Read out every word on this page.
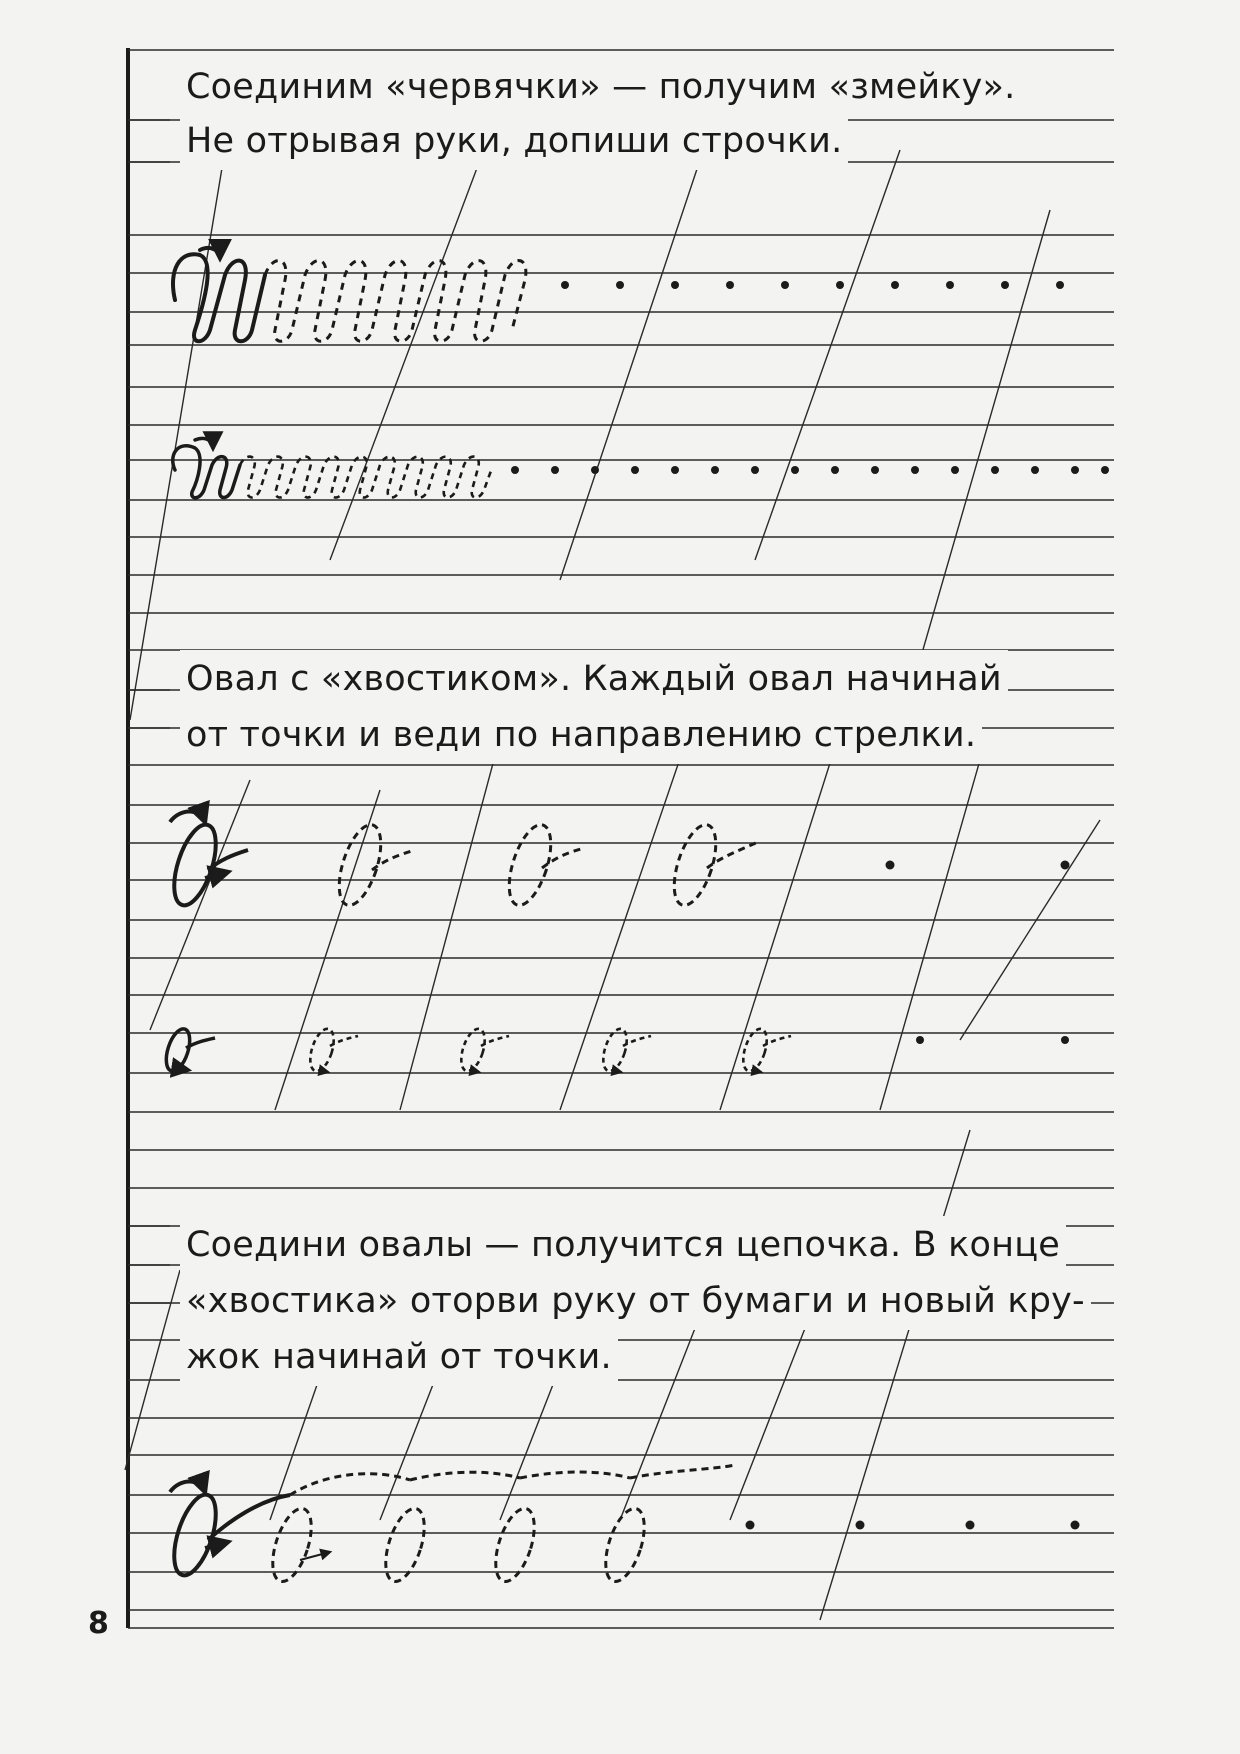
Соединим «червячки» — получим «змейку».
Не отрывая руки, допиши строчки.
Овал с «хвостиком». Каждый овал начинай
от точки и веди по направлению стрелки.
Соедини овалы — получится цепочка. В конце
«хвостика» оторви руку от бумаги и новый кру-
жок начинай от точки.
8
